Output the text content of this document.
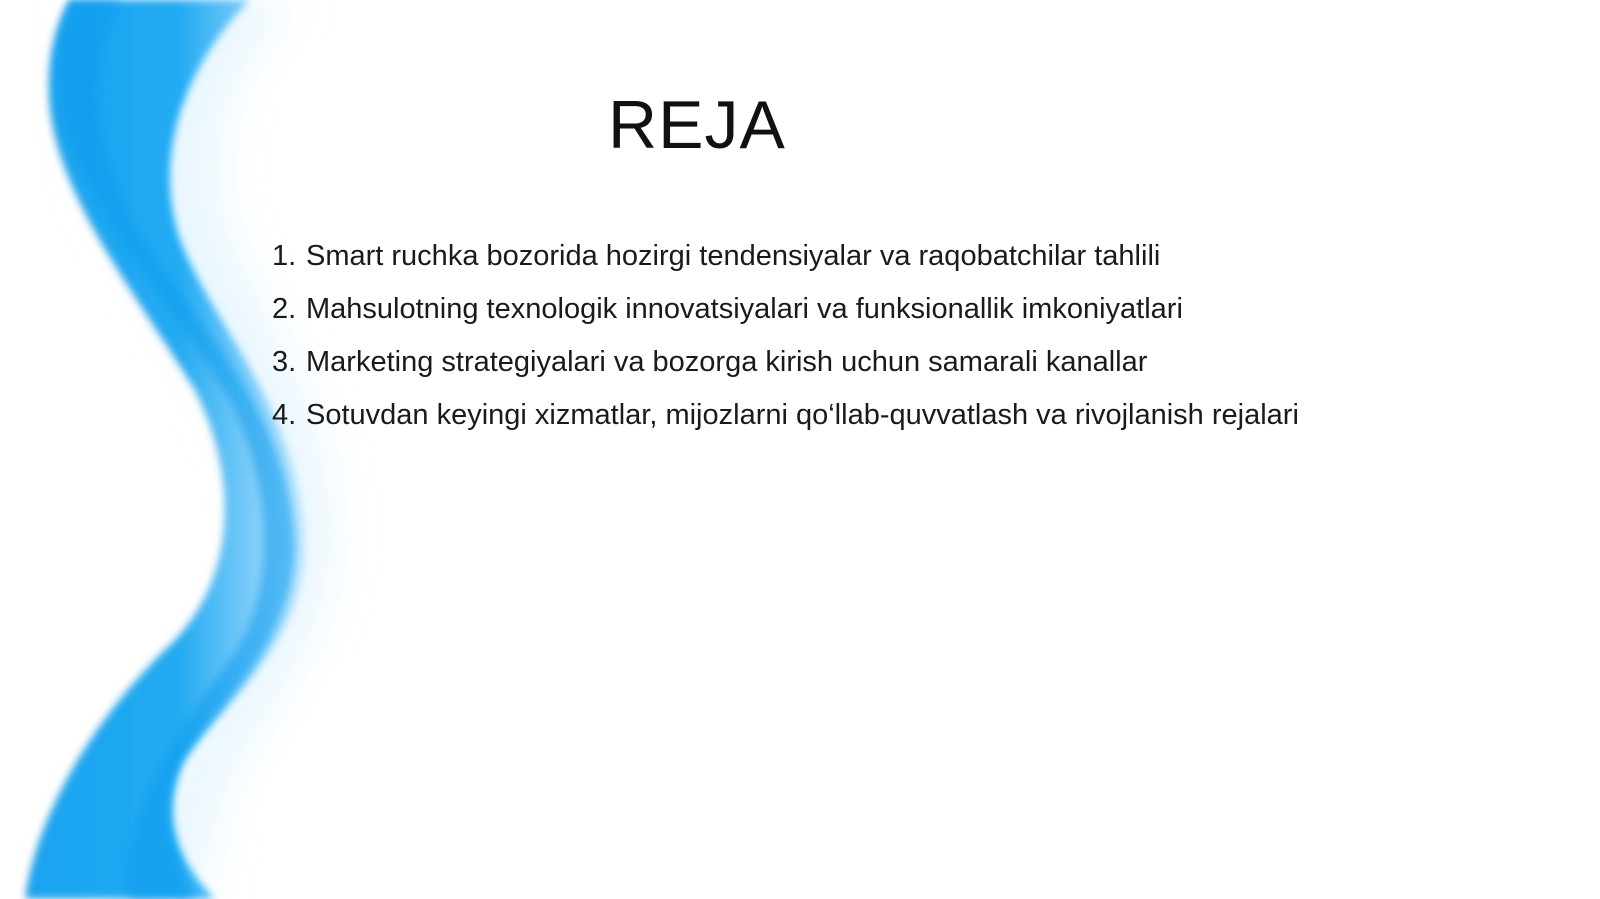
REJA
1. Smart ruchka bozorida hozirgi tendensiyalar va raqobatchilar tahlili
2. Mahsulotning texnologik innovatsiyalari va funksionallik imkoniyatlari
3. Marketing strategiyalari va bozorga kirish uchun samarali kanallar
4. Sotuvdan keyingi xizmatlar, mijozlarni qo‘llab-quvvatlash va rivojlanish rejalari
